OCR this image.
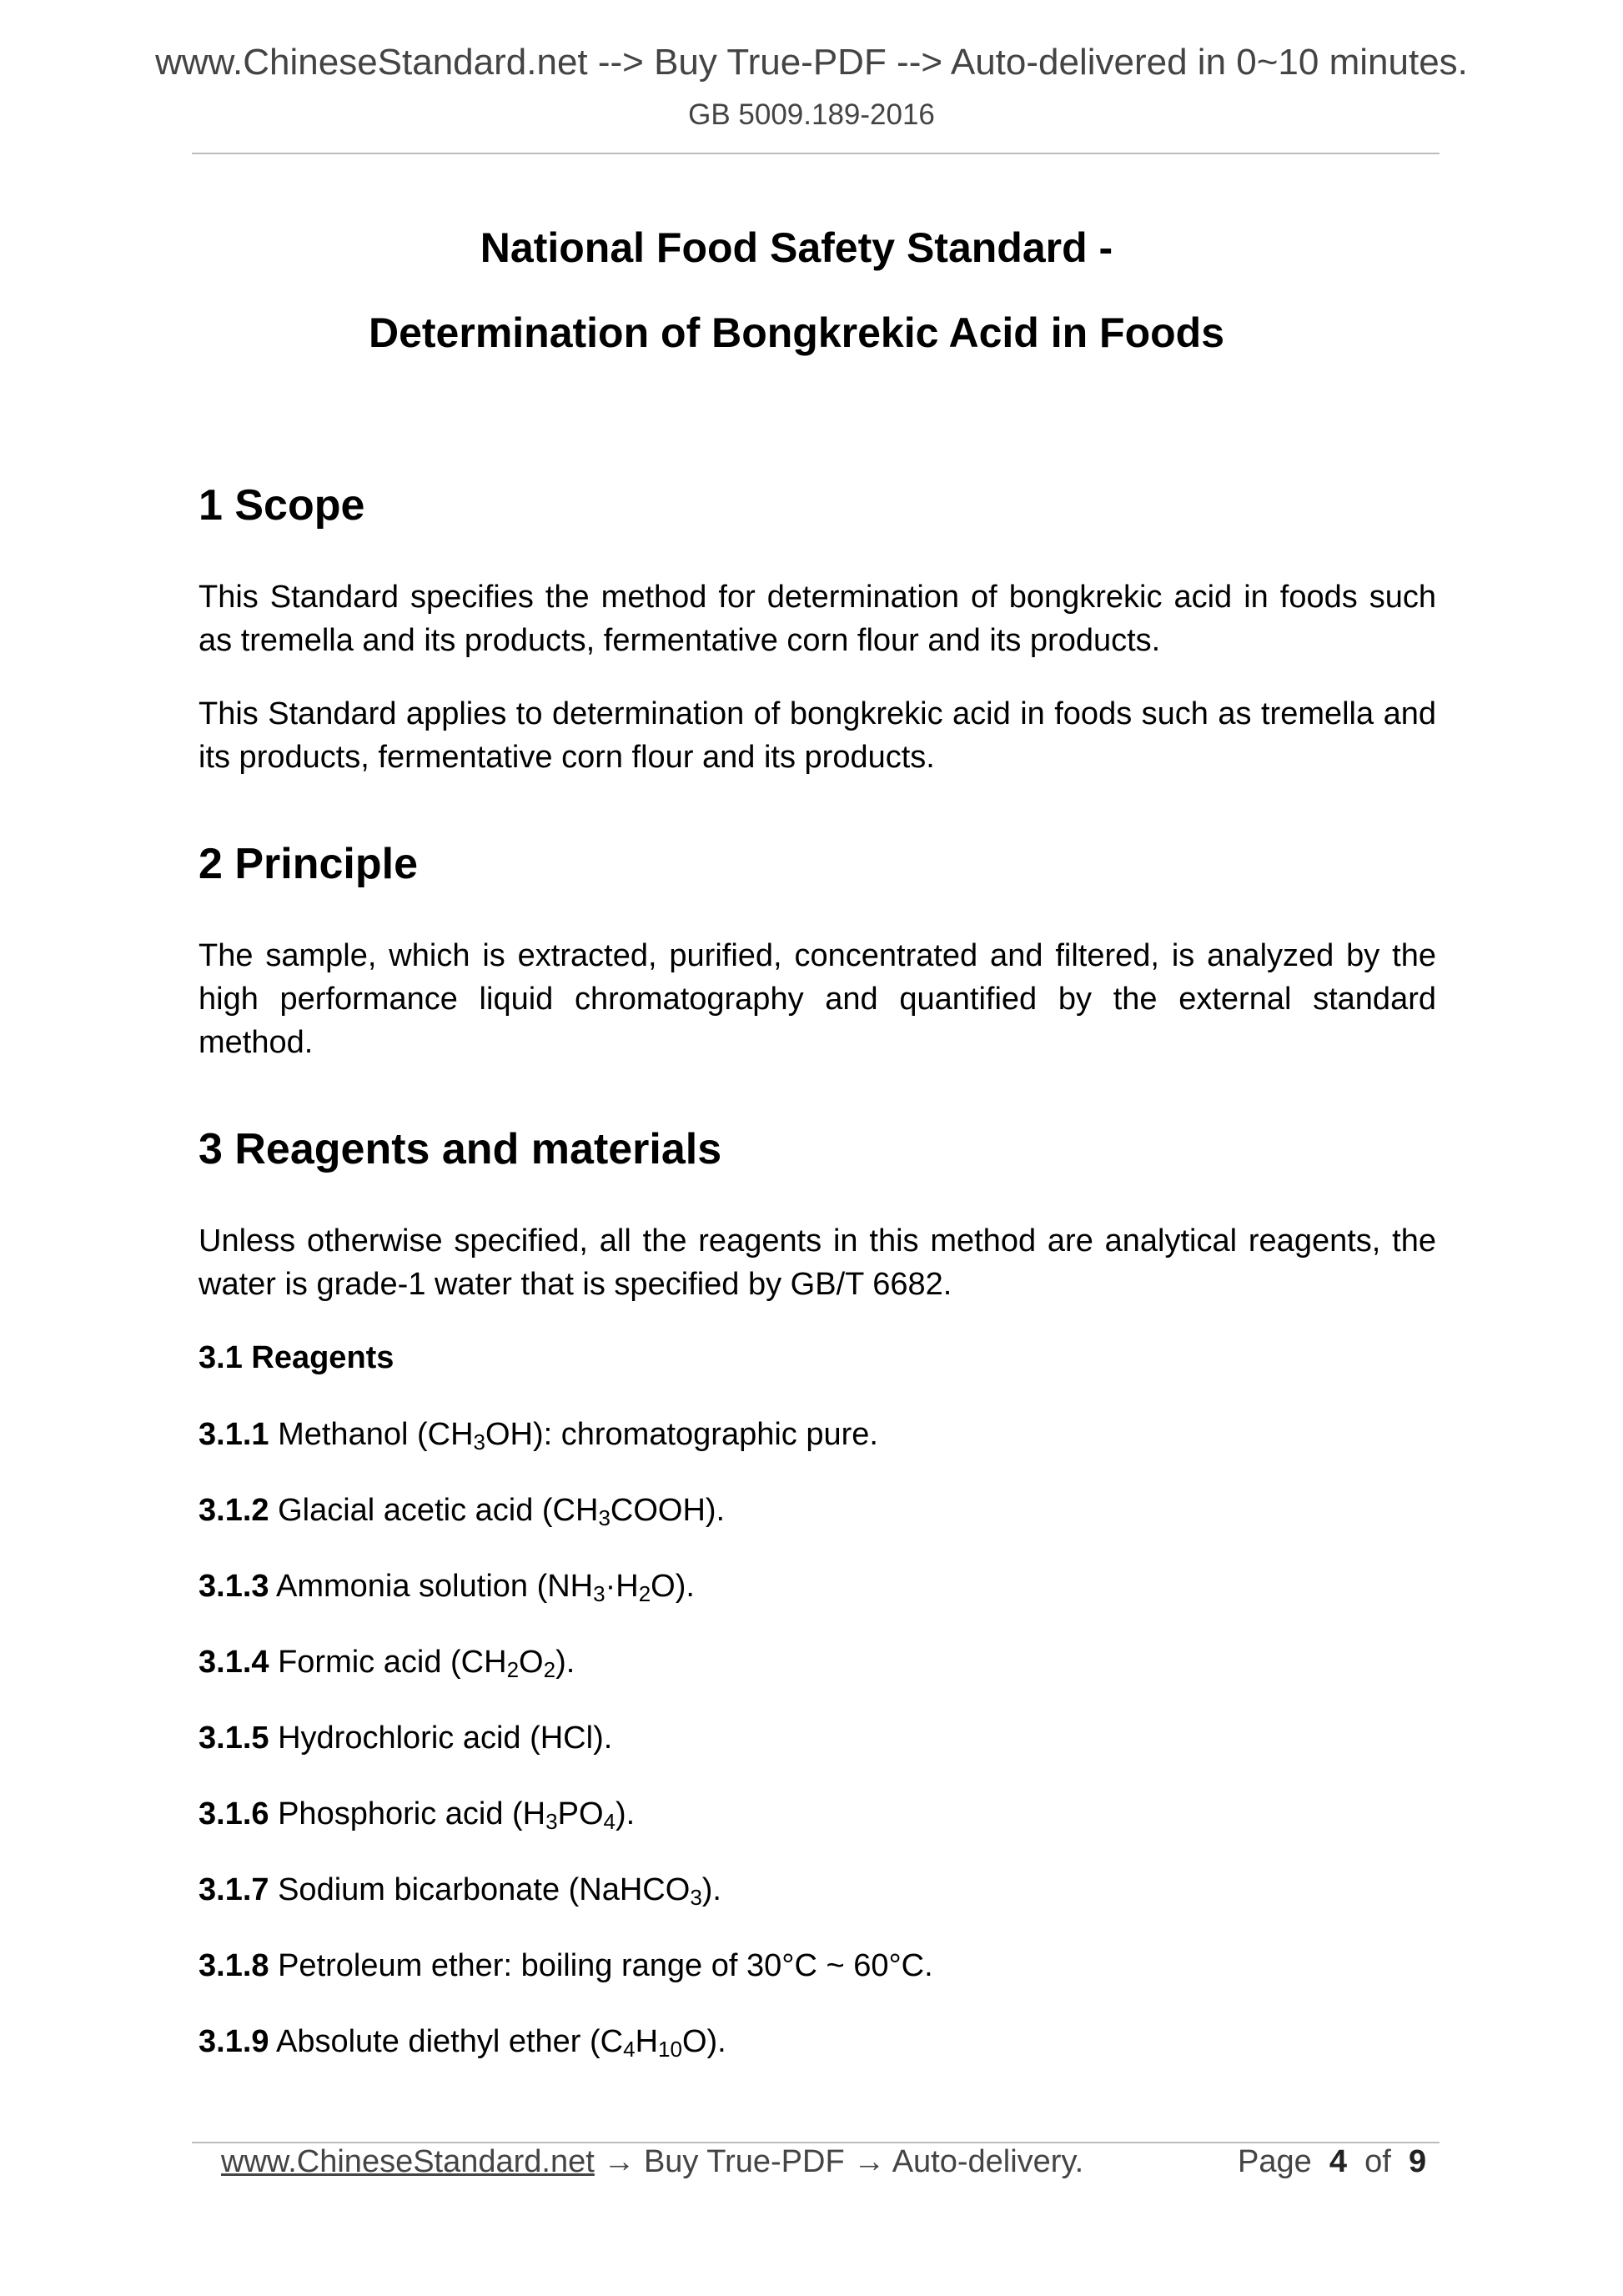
www.ChineseStandard.net --> Buy True-PDF --> Auto-delivered in 0~10 minutes.
GB 5009.189-2016
National Food Safety Standard -
Determination of Bongkrekic Acid in Foods
1 Scope

This Standard specifies the method for determination of bongkrekic acid in foods such as tremella and its products, fermentative corn flour and its products.

This Standard applies to determination of bongkrekic acid in foods such as tremella and its products, fermentative corn flour and its products.

2 Principle

The sample, which is extracted, purified, concentrated and filtered, is analyzed by the high performance liquid chromatography and quantified by the external standard method.

3 Reagents and materials

Unless otherwise specified, all the reagents in this method are analytical reagents, the water is grade-1 water that is specified by GB/T 6682.

3.1 Reagents
3.1.1 Methanol $(CH_3OH)$: chromatographic pure.
3.1.2 Glacial acetic acid $(CH_3COOH)$.
3.1.3 Ammonia solution $(NH_3\cdot H_2O)$.
3.1.4 Formic acid $(CH_2O_2)$.
3.1.5 Hydrochloric acid (HCl).
3.1.6 Phosphoric acid $(H_3PO_4)$.
3.1.7 Sodium bicarbonate (NaHCO$_3$).
3.1.8 Petroleum ether: boiling range of 30°C ~ 60°C.
3.1.9 Absolute diethyl ether $(C_4H_{10}O)$.
www.ChineseStandard.net → Buy True-PDF → Auto-delivery.	Page 4 of 9
